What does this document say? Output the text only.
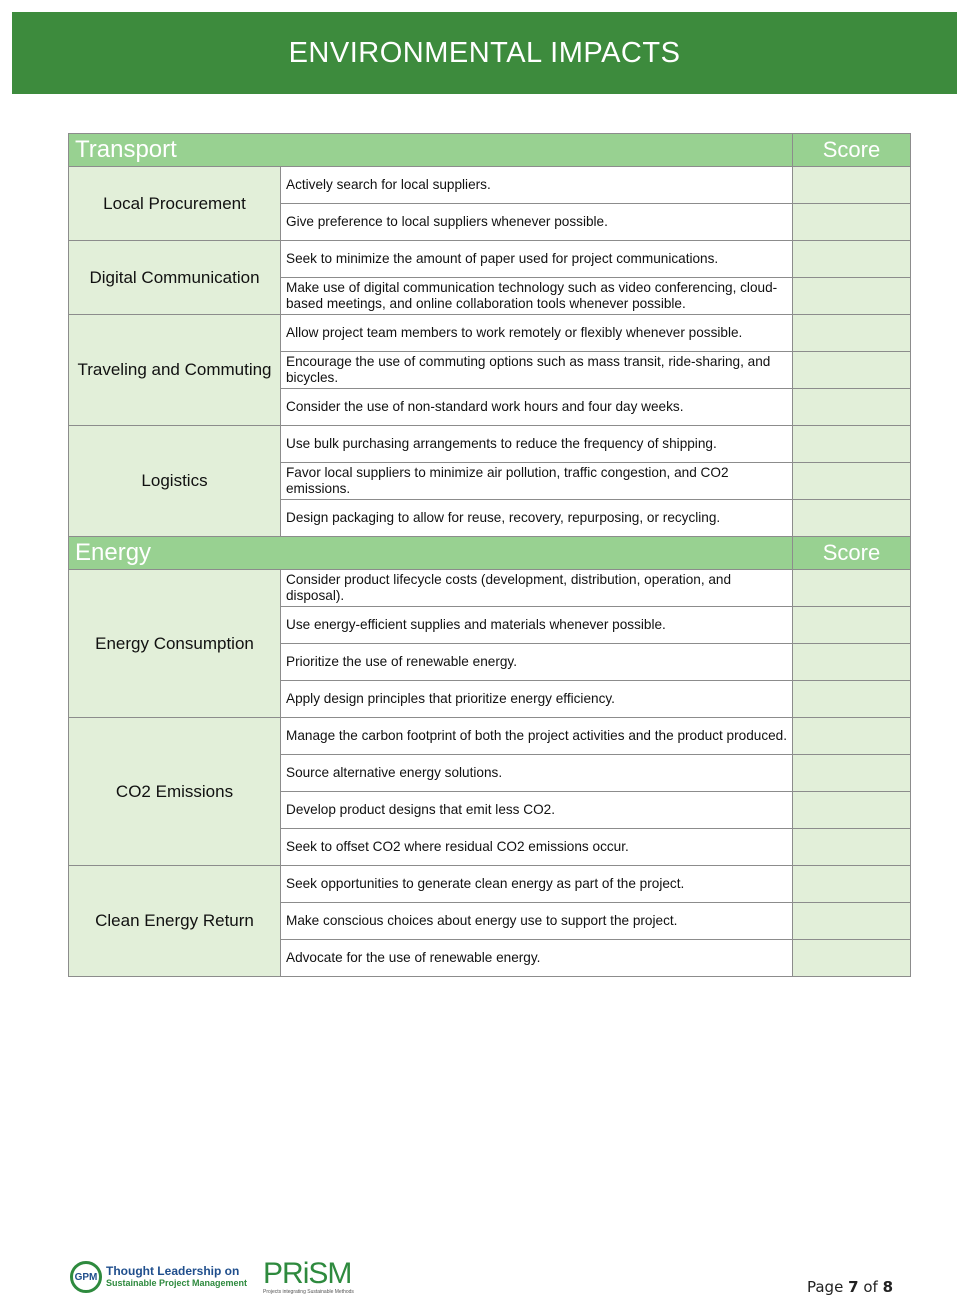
ENVIRONMENTAL IMPACTS
Transport		Score
Local Procurement	Actively search for local suppliers.	
	Give preference to local suppliers whenever possible.	
Digital Communication	Seek to minimize the amount of paper used for project communications.	
	Make use of digital communication technology such as video conferencing, cloud-based meetings, and online collaboration tools whenever possible.	
Traveling and Commuting	Allow project team members to work remotely or flexibly whenever possible.	
	Encourage the use of commuting options such as mass transit, ride-sharing, and bicycles.	
	Consider the use of non-standard work hours and four day weeks.	
Logistics	Use bulk purchasing arrangements to reduce the frequency of shipping.	
	Favor local suppliers to minimize air pollution, traffic congestion, and CO2 emissions.	
	Design packaging to allow for reuse, recovery, repurposing, or recycling.	
Energy		Score
Energy Consumption	Consider product lifecycle costs (development, distribution, operation, and disposal).	
	Use energy-efficient supplies and materials whenever possible.	
	Prioritize the use of renewable energy.	
	Apply design principles that prioritize energy efficiency.	
CO2 Emissions	Manage the carbon footprint of both the project activities and the product produced.	
	Source alternative energy solutions.	
	Develop product designs that emit less CO2.	
	Seek to offset CO2 where residual CO2 emissions occur.	
Clean Energy Return	Seek opportunities to generate clean energy as part of the project.	
	Make conscious choices about energy use to support the project.	
	Advocate for the use of renewable energy.	
GPM Thought Leadership on
Sustainable Project Management PRiSM
Projects integrating Sustainable Methods	Page 7 of 8
